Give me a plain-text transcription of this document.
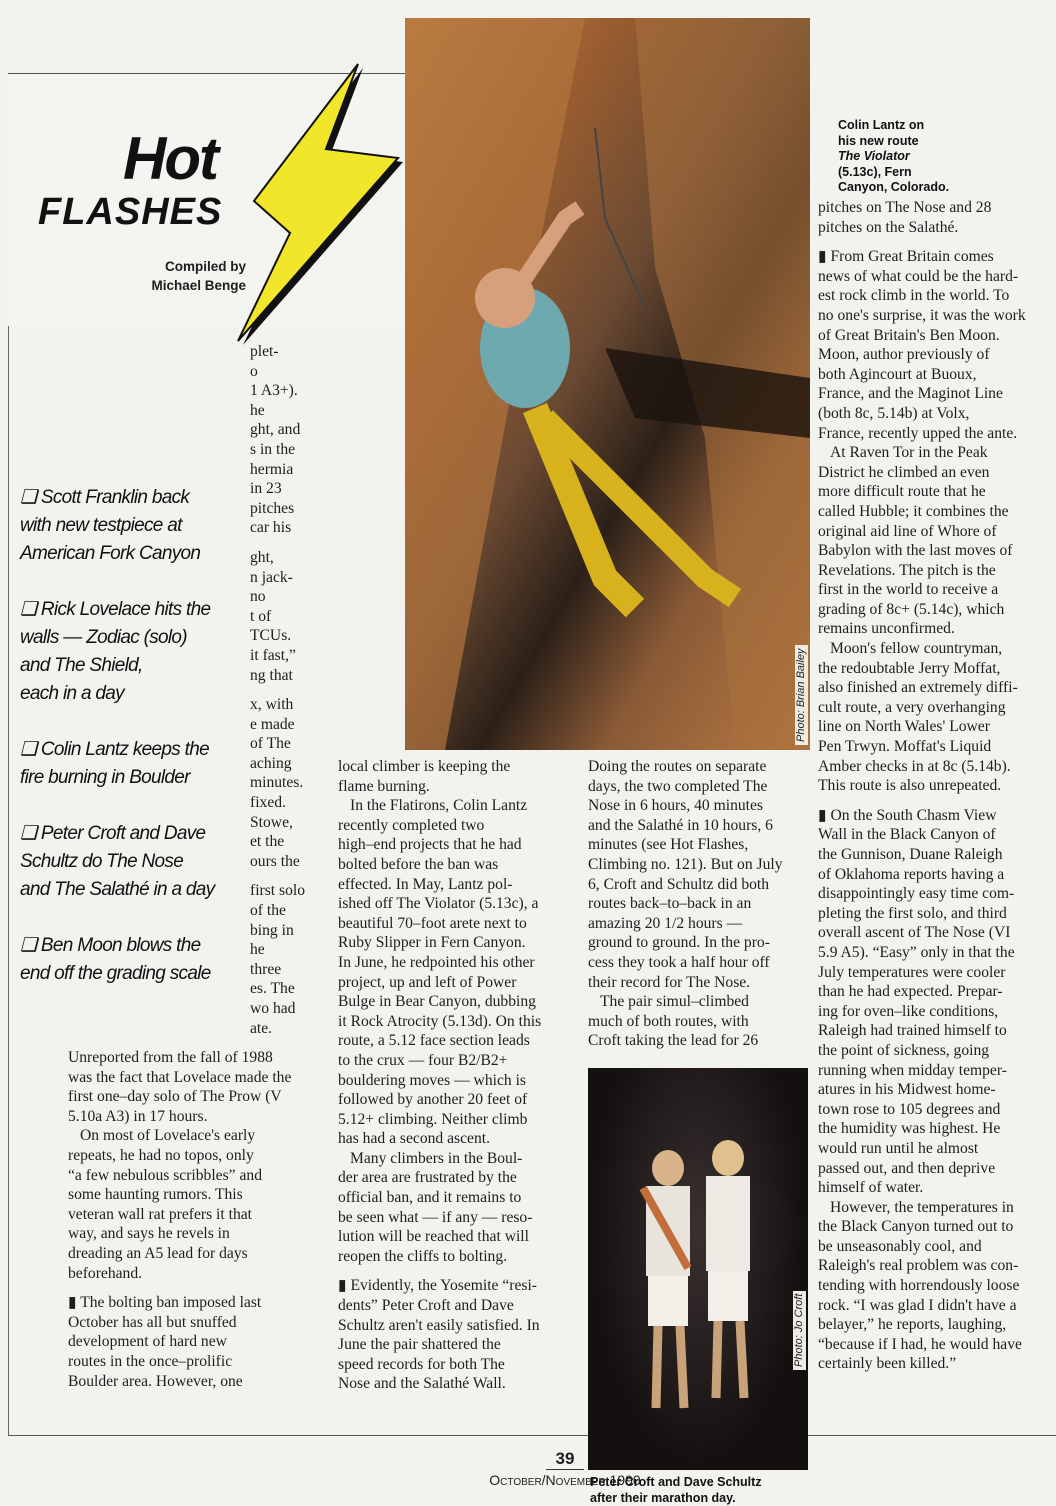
plet-
o
1 A3+).
he
ght, and
s in the
hermia
in 23
pitches
car his
ght,
n jack-
no
t of
TCUs.
it fast,”
ng that
x, with
e made
of The
aching
minutes.
fixed.
Stowe,
et the
ours the
first solo
of the
bing in
he
three
es. The
wo had
ate.
Hot
FLASHES
Compiled by
Michael Benge
❑ Scott Franklin back
with new testpiece at
American Fork Canyon
❑ Rick Lovelace hits the
walls — Zodiac (solo)
and The Shield,
each in a day
❑ Colin Lantz keeps the
fire burning in Boulder
❑ Peter Croft and Dave
Schultz do The Nose
and The Salathé in a day
❑ Ben Moon blows the
end off the grading scale
Unreported from the fall of 1988
was the fact that Lovelace made the
first one–day solo of The Prow (V
5.10a A3) in 17 hours.
On most of Lovelace's early
repeats, he had no topos, only
“a few nebulous scribbles” and
some haunting rumors. This
veteran wall rat prefers it that
way, and says he revels in
dreading an A5 lead for days
beforehand.
▮ The bolting ban imposed last
October has all but snuffed
development of hard new
routes in the once–prolific
Boulder area. However, one
local climber is keeping the
flame burning.
In the Flatirons, Colin Lantz
recently completed two
high–end projects that he had
bolted before the ban was
effected. In May, Lantz pol-
ished off The Violator (5.13c), a
beautiful 70–foot arete next to
Ruby Slipper in Fern Canyon.
In June, he redpointed his other
project, up and left of Power
Bulge in Bear Canyon, dubbing
it Rock Atrocity (5.13d). On this
route, a 5.12 face section leads
to the crux — four B2/B2+
bouldering moves — which is
followed by another 20 feet of
5.12+ climbing. Neither climb
has had a second ascent.
Many climbers in the Boul-
der area are frustrated by the
official ban, and it remains to
be seen what — if any — reso-
lution will be reached that will
reopen the cliffs to bolting.
▮ Evidently, the Yosemite “resi-
dents” Peter Croft and Dave
Schultz aren't easily satisfied. In
June the pair shattered the
speed records for both The
Nose and the Salathé Wall.
Doing the routes on separate
days, the two completed The
Nose in 6 hours, 40 minutes
and the Salathé in 10 hours, 6
minutes (see Hot Flashes,
Climbing no. 121). But on July
6, Croft and Schultz did both
routes back–to–back in an
amazing 20 1/2 hours —
ground to ground. In the pro-
cess they took a half hour off
their record for The Nose.
The pair simul–climbed
much of both routes, with
Croft taking the lead for 26
Colin Lantz on
his new route
The Violator
(5.13c), Fern
Canyon, Colorado.
pitches on The Nose and 28
pitches on the Salathé.
▮ From Great Britain comes
news of what could be the hard-
est rock climb in the world. To
no one's surprise, it was the work
of Great Britain's Ben Moon.
Moon, author previously of
both Agincourt at Buoux,
France, and the Maginot Line
(both 8c, 5.14b) at Volx,
France, recently upped the ante.
At Raven Tor in the Peak
District he climbed an even
more difficult route that he
called Hubble; it combines the
original aid line of Whore of
Babylon with the last moves of
Revelations. The pitch is the
first in the world to receive a
grading of 8c+ (5.14c), which
remains unconfirmed.
Moon's fellow countryman,
the redoubtable Jerry Moffat,
also finished an extremely diffi-
cult route, a very overhanging
line on North Wales' Lower
Pen Trwyn. Moffat's Liquid
Amber checks in at 8c (5.14b).
This route is also unrepeated.
▮ On the South Chasm View
Wall in the Black Canyon of
the Gunnison, Duane Raleigh
of Oklahoma reports having a
disappointingly easy time com-
pleting the first solo, and third
overall ascent of The Nose (VI
5.9 A5). “Easy” only in that the
July temperatures were cooler
than he had expected. Prepar-
ing for oven–like conditions,
Raleigh had trained himself to
the point of sickness, going
running when midday temper-
atures in his Midwest home-
town rose to 105 degrees and
the humidity was highest. He
would run until he almost
passed out, and then deprive
himself of water.
However, the temperatures in
the Black Canyon turned out to
be unseasonably cool, and
Raleigh's real problem was con-
tending with horrendously loose
rock. “I was glad I didn't have a
belayer,” he reports, laughing,
“because if I had, he would have
certainly been killed.”
Photo: Brian Bailey
Photo: Jo Croft
Peter Croft and Dave Schultz
after their marathon day.
39
October/November 1990
